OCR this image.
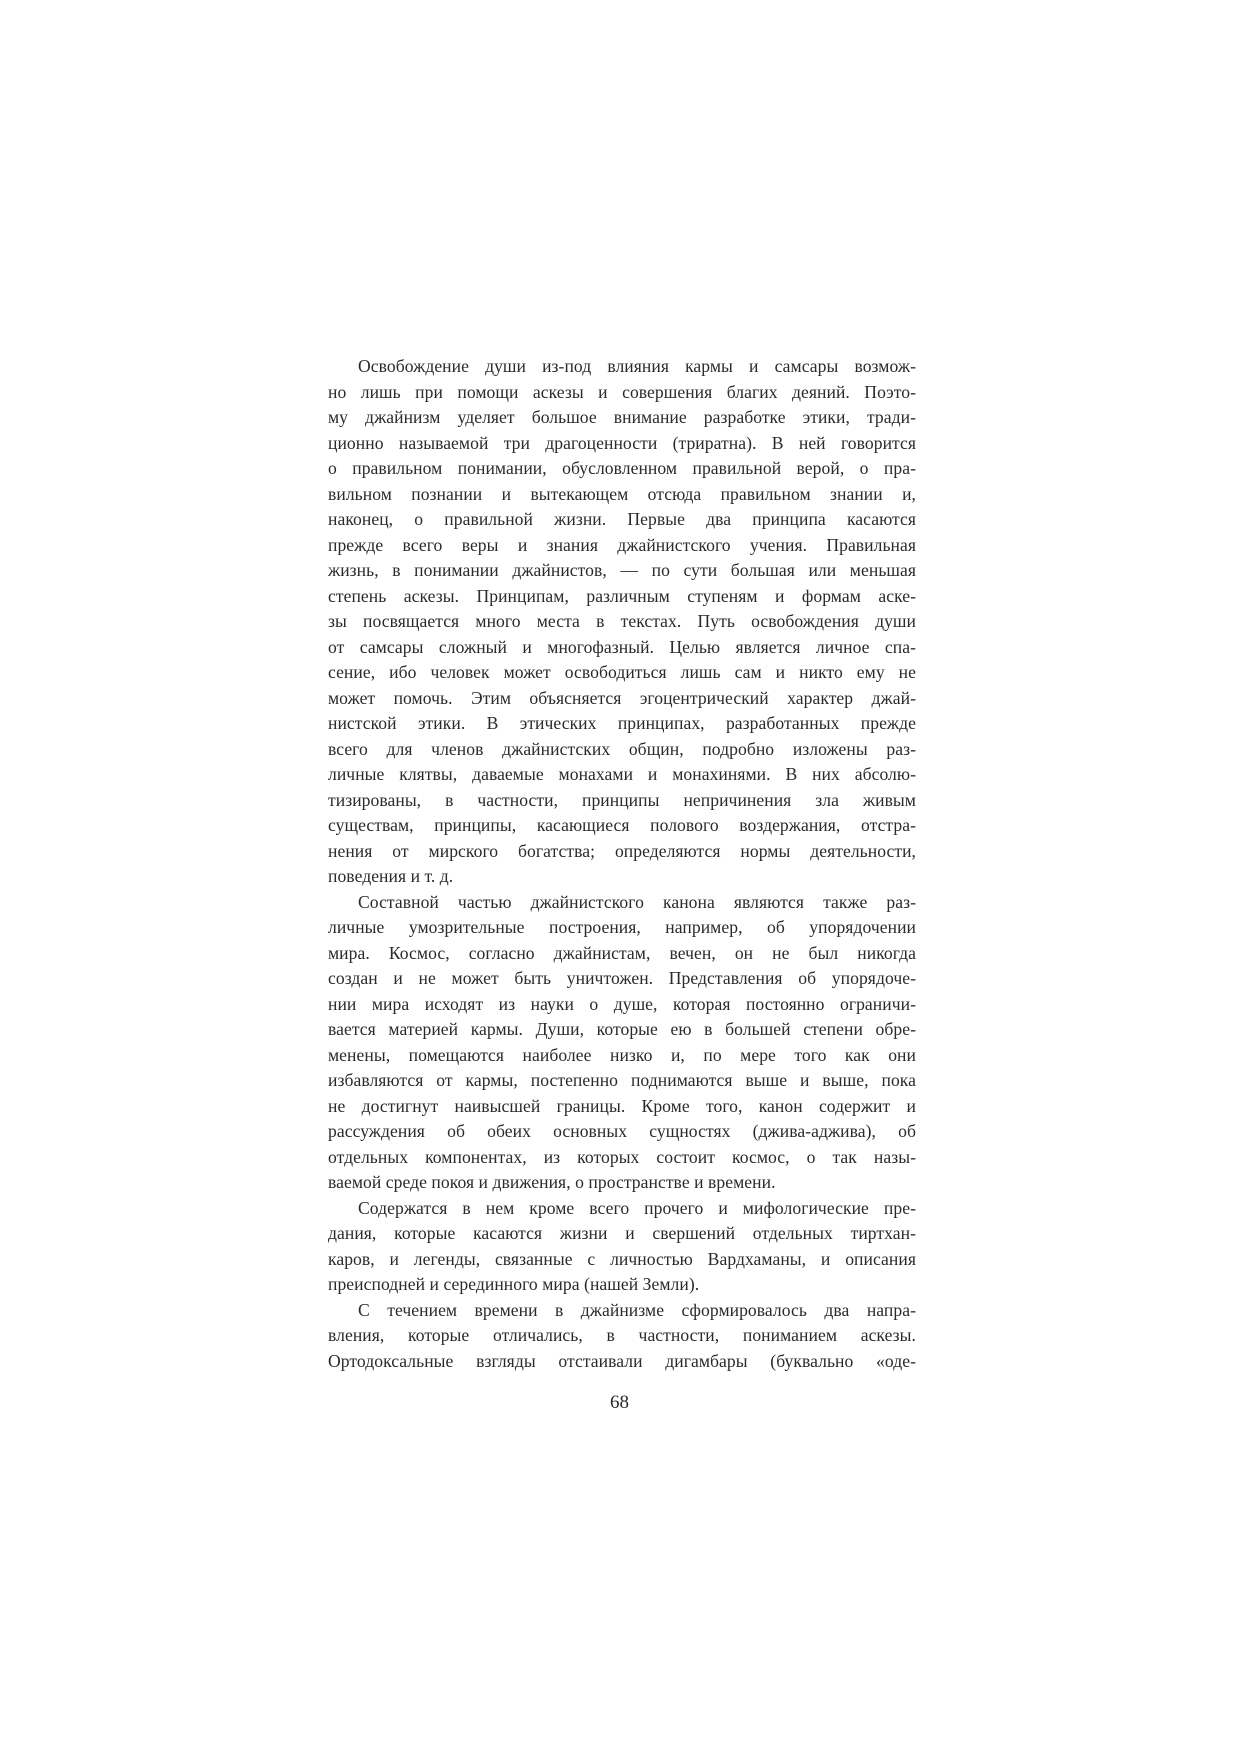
Освобождение души из-под влияния кармы и самсары возмож-
но лишь при помощи аскезы и совершения благих деяний. Поэто-
му джайнизм уделяет большое внимание разработке этики, тради-
ционно называемой три драгоценности (триратна). В ней говорится
о правильном понимании, обусловленном правильной верой, о пра-
вильном познании и вытекающем отсюда правильном знании и,
наконец, о правильной жизни. Первые два принципа касаются
прежде всего веры и знания джайнистского учения. Правильная
жизнь, в понимании джайнистов, — по сути большая или меньшая
степень аскезы. Принципам, различным ступеням и формам аске-
зы посвящается много места в текстах. Путь освобождения души
от самсары сложный и многофазный. Целью является личное спа-
сение, ибо человек может освободиться лишь сам и никто ему не
может помочь. Этим объясняется эгоцентрический характер джай-
нистской этики. В этических принципах, разработанных прежде
всего для членов джайнистских общин, подробно изложены раз-
личные клятвы, даваемые монахами и монахинями. В них абсолю-
тизированы, в частности, принципы непричинения зла живым
существам, принципы, касающиеся полового воздержания, отстра-
нения от мирского богатства; определяются нормы деятельности,
поведения и т. д.
Составной частью джайнистского канона являются также раз-
личные умозрительные построения, например, об упорядочении
мира. Космос, согласно джайнистам, вечен, он не был никогда
создан и не может быть уничтожен. Представления об упорядоче-
нии мира исходят из науки о душе, которая постоянно ограничи-
вается материей кармы. Души, которые ею в большей степени обре-
менены, помещаются наиболее низко и, по мере того как они
избавляются от кармы, постепенно поднимаются выше и выше, пока
не достигнут наивысшей границы. Кроме того, канон содержит и
рассуждения об обеих основных сущностях (джива-аджива), об
отдельных компонентах, из которых состоит космос, о так назы-
ваемой среде покоя и движения, о пространстве и времени.
Содержатся в нем кроме всего прочего и мифологические пре-
дания, которые касаются жизни и свершений отдельных тиртхан-
каров, и легенды, связанные с личностью Вардхаманы, и описания
преисподней и серединного мира (нашей Земли).
С течением времени в джайнизме сформировалось два напра-
вления, которые отличались, в частности, пониманием аскезы.
Ортодоксальные взгляды отстаивали дигамбары (буквально «оде-
68
